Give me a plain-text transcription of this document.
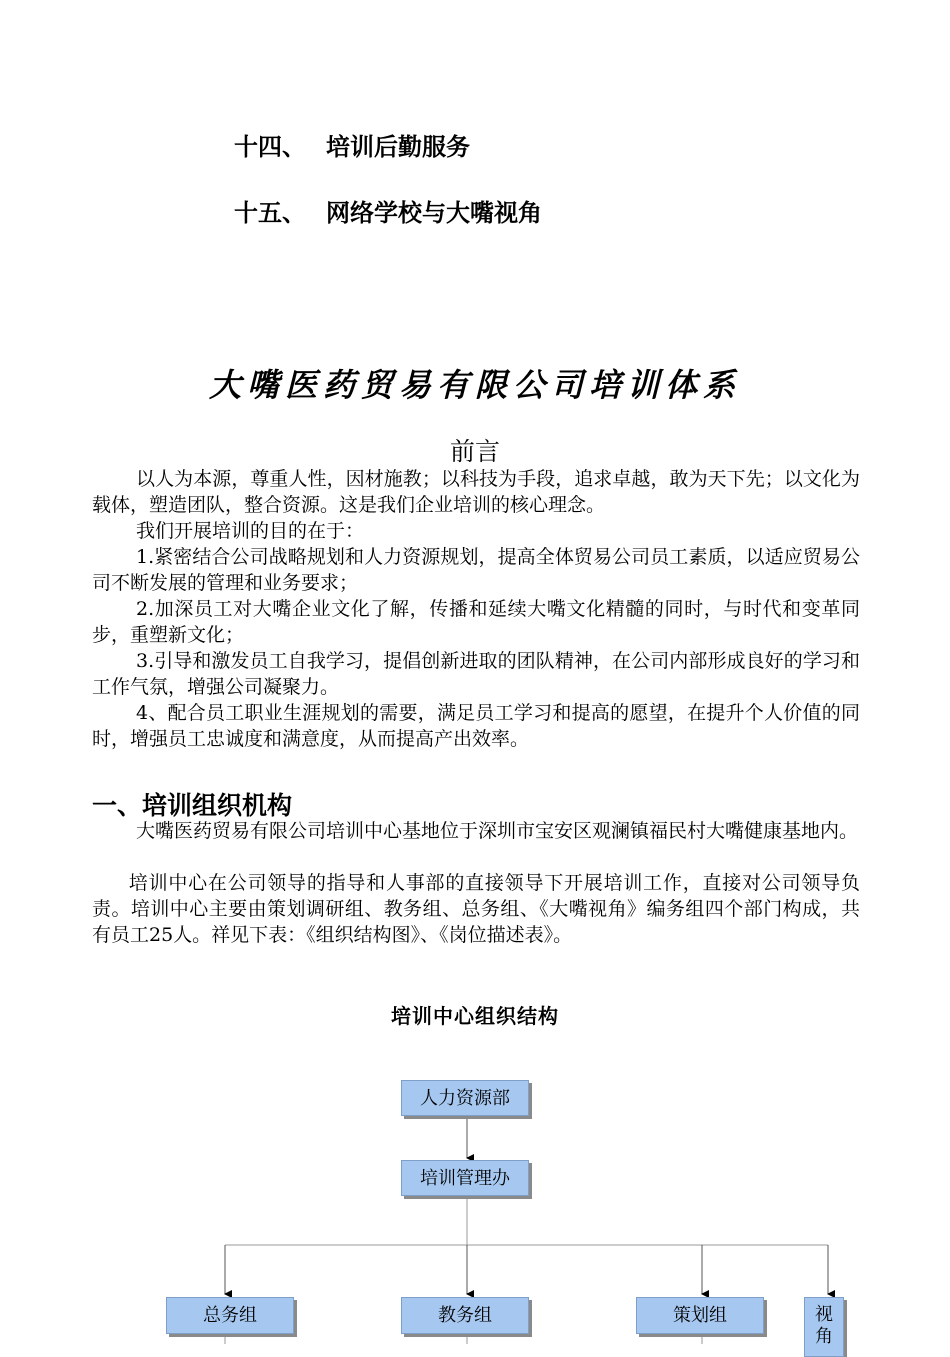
十四、 培训后勤服务
十五、 网络学校与大嘴视角
大嘴医药贸易有限公司培训体系
前言
以人为本源，尊重人性，因材施教；以科技为手段，追求卓越，敢为天下先；以文化为载体，塑造团队，整合资源。这是我们企业培训的核心理念。
我们开展培训的目的在于：
1.紧密结合公司战略规划和人力资源规划，提高全体贸易公司员工素质，以适应贸易公司不断发展的管理和业务要求；
2.加深员工对大嘴企业文化了解，传播和延续大嘴文化精髓的同时，与时代和变革同步，重塑新文化；
3.引导和激发员工自我学习，提倡创新进取的团队精神，在公司内部形成良好的学习和工作气氛，增强公司凝聚力。
4、配合员工职业生涯规划的需要，满足员工学习和提高的愿望，在提升个人价值的同时，增强员工忠诚度和满意度，从而提高产出效率。
一、培训组织机构
大嘴医药贸易有限公司培训中心基地位于深圳市宝安区观澜镇福民村大嘴健康基地内。
培训中心在公司领导的指导和人事部的直接领导下开展培训工作，直接对公司领导负责。培训中心主要由策划调研组、教务组、总务组、《大嘴视角》编务组四个部门构成，共有员工25人。祥见下表：《组织结构图》、《岗位描述表》。
培训中心组织结构
人力资源部
培训管理办
总务组	教务组	策划组	视
角
